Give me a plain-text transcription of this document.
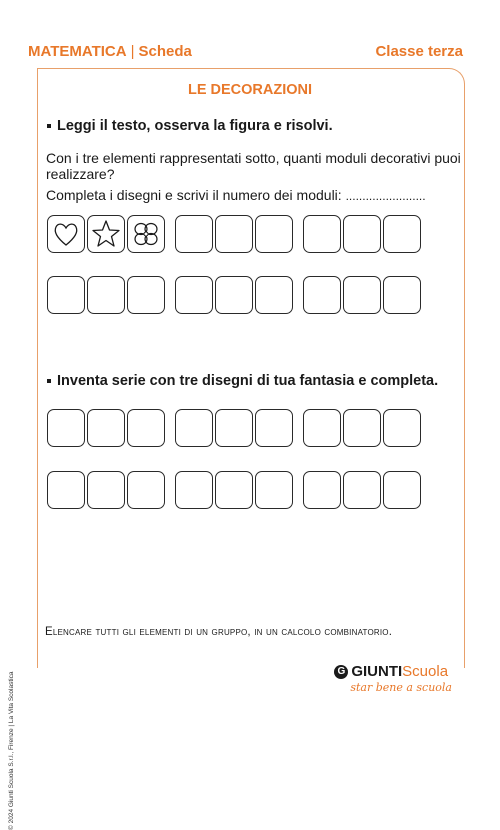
MATEMATICA | Scheda	Classe terza
© 2024 Giunti Scuola S.r.l., Firenze | La Vita Scolastica
LE DECORAZIONI
Leggi il testo, osserva la figura e risolvi.
Con i tre elementi rappresentati sotto, quanti moduli decorativi puoi realizzare?
Completa i disegni e scrivi il numero dei moduli: ........................
Inventa serie con tre disegni di tua fantasia e completa.
Elencare tutti gli elementi di un gruppo, in un calcolo combinatorio.
G GIUNTI Scuola
star bene a scuola
